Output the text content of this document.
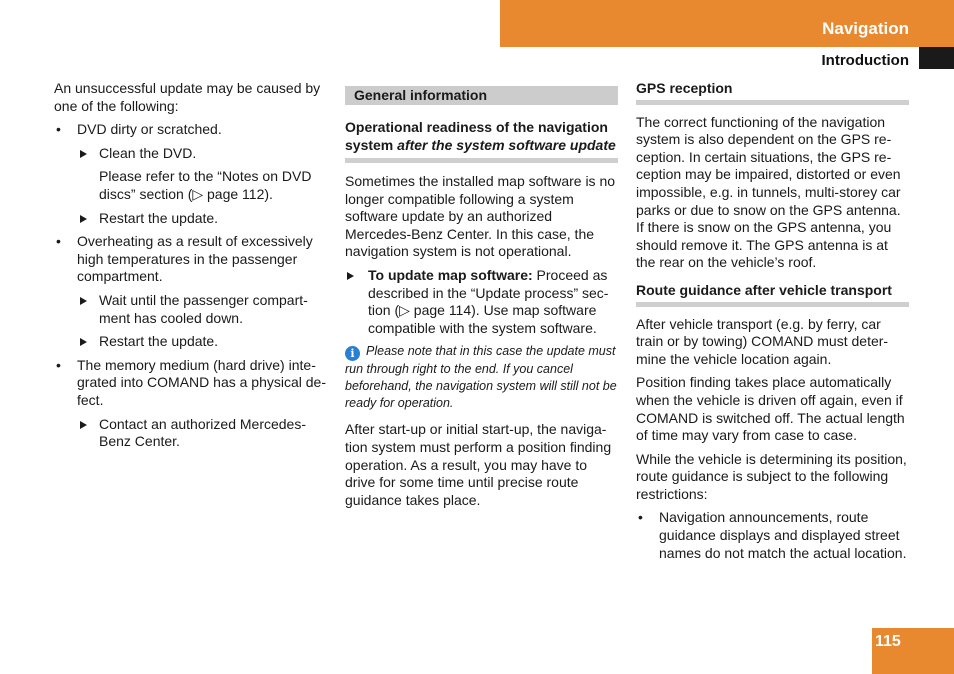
Navigation
Introduction

An unsuccessful update may be caused by one of the following:

• DVD dirty or scratched.
Clean the DVD.
Please refer to the “Notes on DVD discs” section (▷ page 112).
Restart the update.
• Overheating as a result of excessively high temperatures in the passenger compartment.
Wait until the passenger compartment has cooled down.
Restart the update.
• The memory medium (hard drive) integrated into COMAND has a physical defect.
Contact an authorized Mercedes-Benz Center.
General information
Operational readiness of the navigation system after the system software update

Sometimes the installed map software is no longer compatible following a system software update by an authorized Mercedes-Benz Center. In this case, the navigation system is not operational.

To update map software: Proceed as described in the “Update process” section (▷ page 114). Use map software compatible with the system software.
i Please note that in this case the update must run through right to the end. If you cancel beforehand, the navigation system will still not be ready for operation.

After start-up or initial start-up, the navigation system must perform a position finding operation. As a result, you may have to drive for some time until precise route guidance takes place.

GPS reception

The correct functioning of the navigation system is also dependent on the GPS reception. In certain situations, the GPS reception may be impaired, distorted or even impossible, e.g. in tunnels, multi-storey car parks or due to snow on the GPS antenna. If there is snow on the GPS antenna, you should remove it. The GPS antenna is at the rear on the vehicle’s roof.

Route guidance after vehicle transport

After vehicle transport (e.g. by ferry, car train or by towing) COMAND must determine the vehicle location again.

Position finding takes place automatically when the vehicle is driven off again, even if COMAND is switched off. The actual length of time may vary from case to case.

While the vehicle is determining its position, route guidance is subject to the following restrictions:

• Navigation announcements, route guidance displays and displayed street names do not match the actual location.
115
